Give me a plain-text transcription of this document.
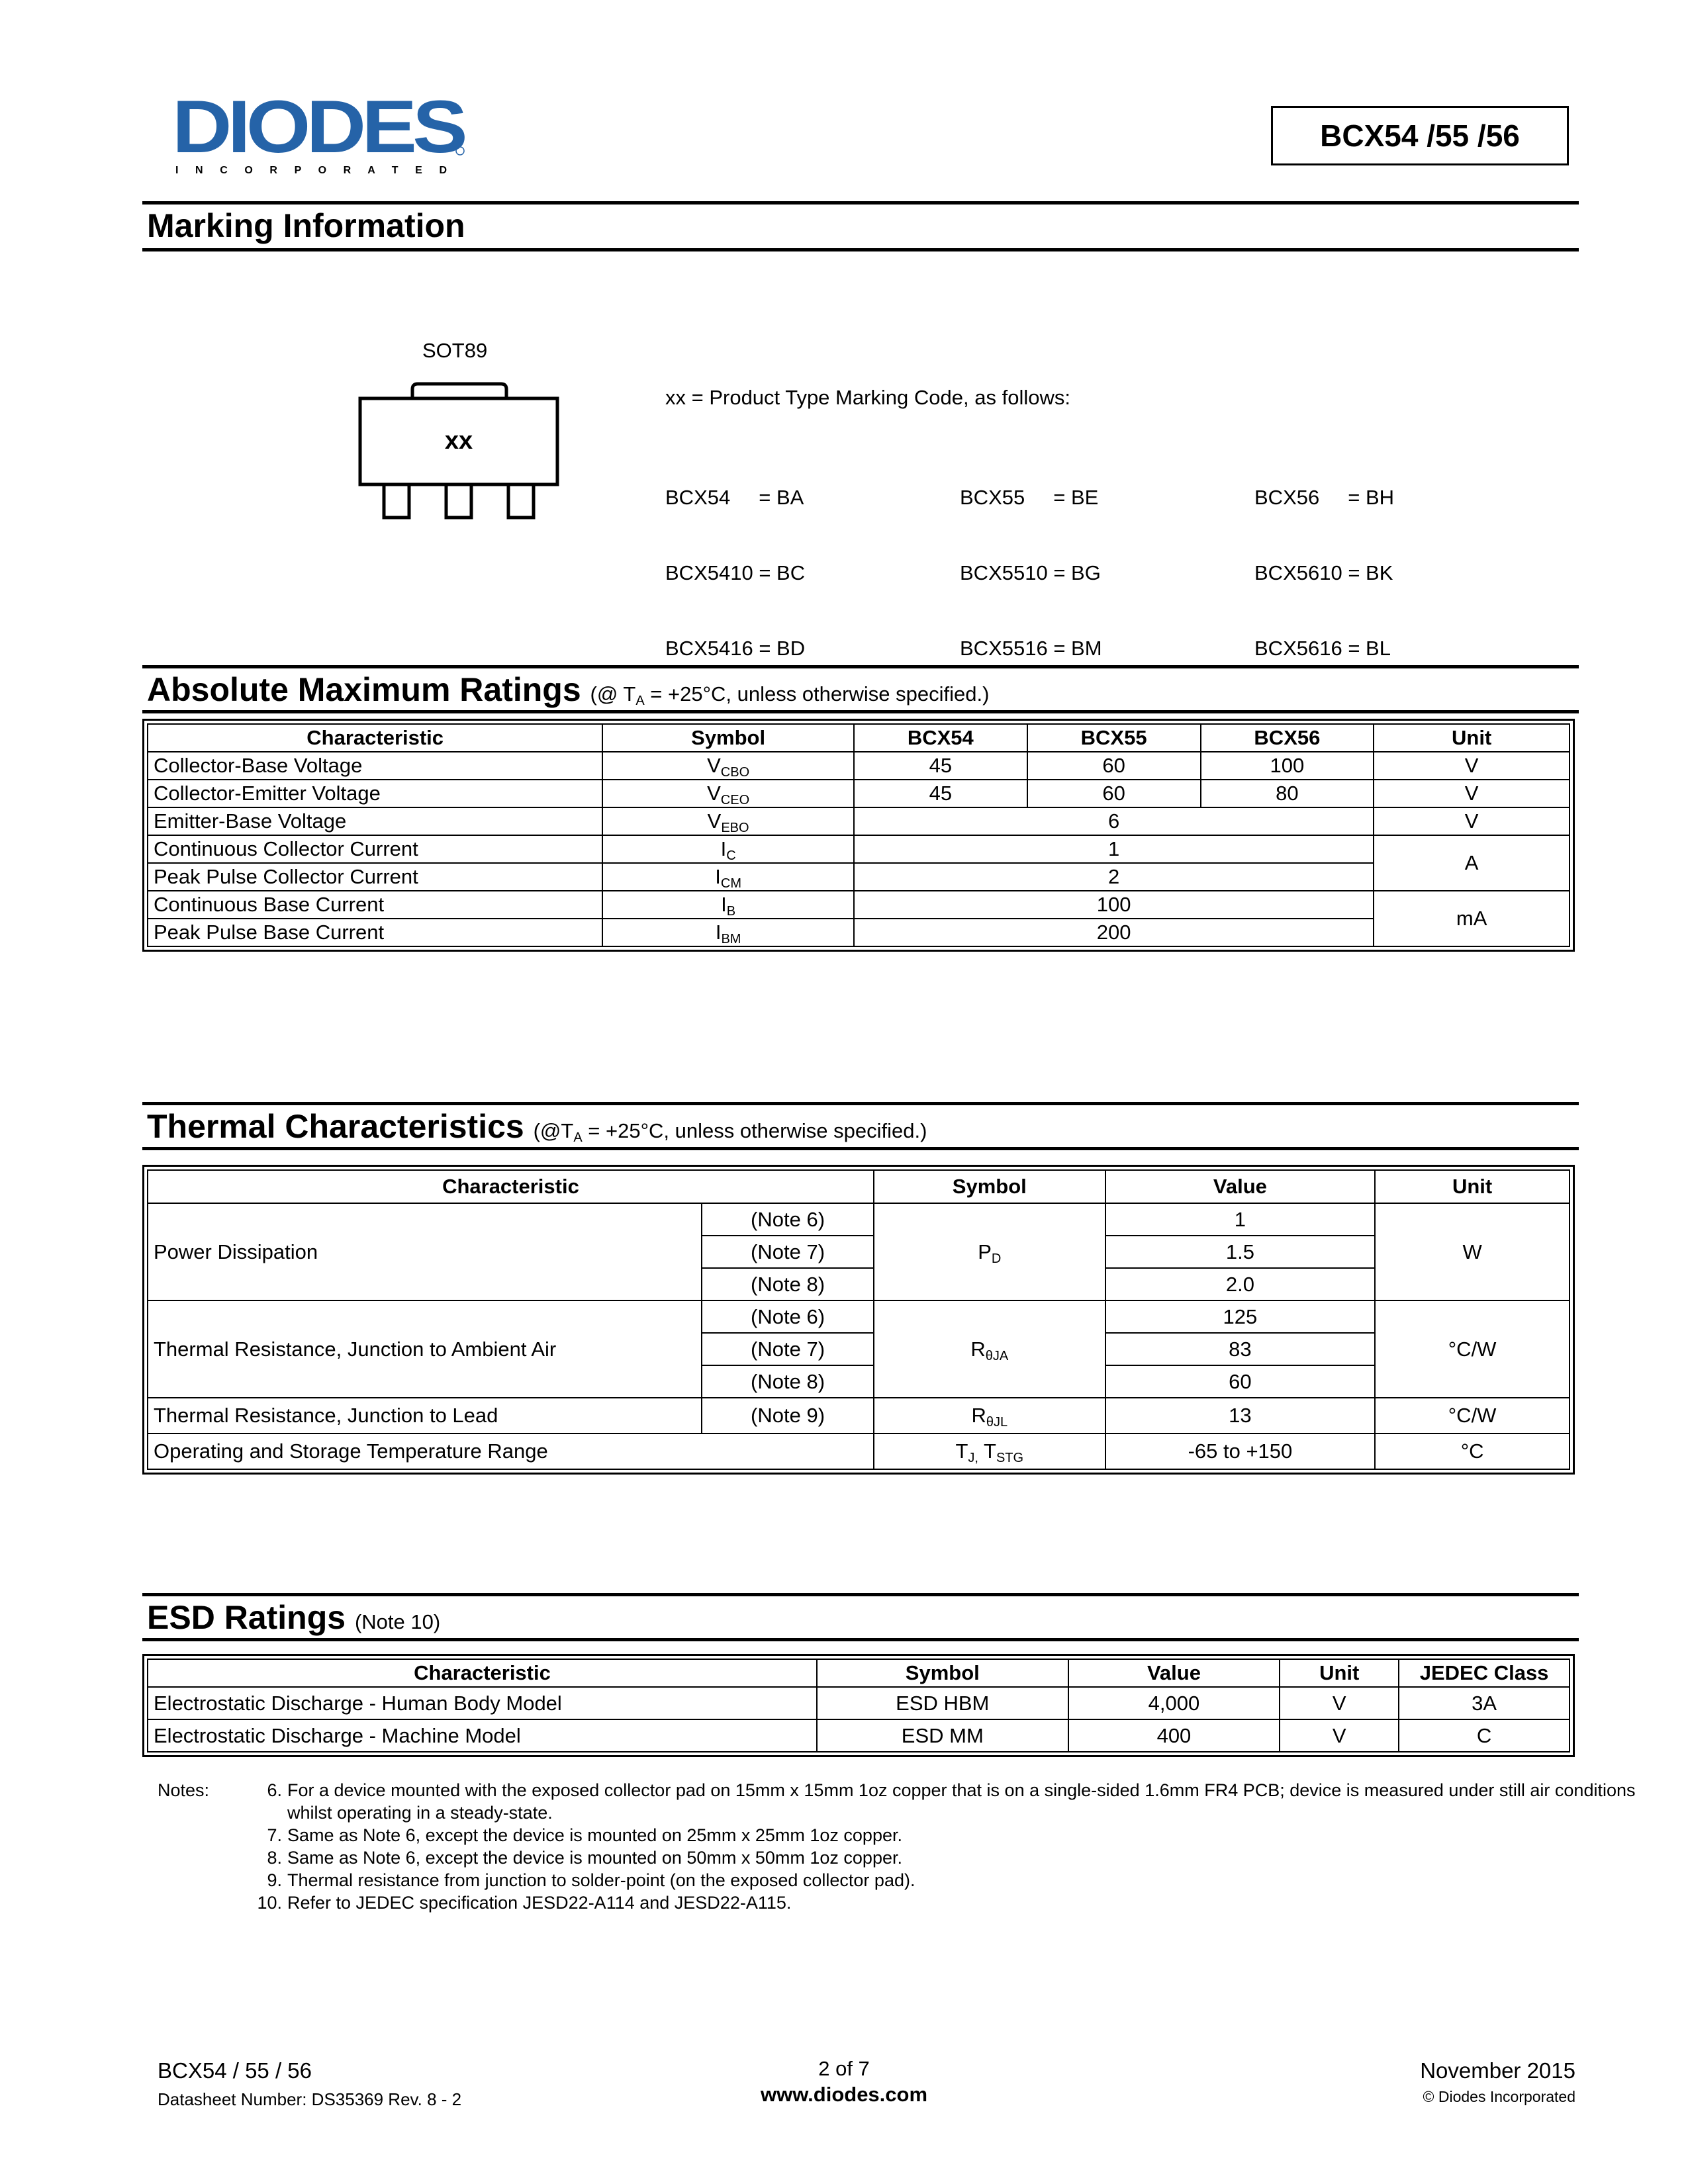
DIODES
I N C O R P O R A T E D
BCX54 /55 /56
Marking Information
SOT89
xx
xx = Product Type Marking Code, as follows:

BCX54     = BA

BCX5410 = BC

BCX5416 = BD

BCX55     = BE

BCX5510 = BG

BCX5516 = BM

BCX56     = BH

BCX5610 = BK

BCX5616 = BL

Absolute Maximum Ratings (@ $T_A = +25^\circ C$, unless otherwise specified.)
Characteristic	Symbol	BCX54	BCX55	BCX56	Unit
Collector-Base Voltage	$V_{CBO}$	45	60	100	V
Collector-Emitter Voltage	$V_{CEO}$	45	60	80	V
Emitter-Base Voltage	$V_{EBO}$	6			V
Continuous Collector Current	$I_C$	1			A
Peak Pulse Collector Current	$I_{CM}$	2			
Continuous Base Current	$I_B$	100			mA
Peak Pulse Base Current	$I_{BM}$	200			
Thermal Characteristics ($@T_A = +25^\circ C$, unless otherwise specified.)
Characteristic		Symbol	Value	Unit
Power Dissipation	(Note 6)	$P_D$	1	W
	(Note 7)		1.5	
	(Note 8)		2.0	
Thermal Resistance, Junction to Ambient Air	(Note 6)	$R_{\theta JA}$	125	°C/W
	(Note 7)		83	
	(Note 8)		60	
Thermal Resistance, Junction to Lead	(Note 9)	$R_{\theta JL}$	13	°C/W
Operating and Storage Temperature Range		$T_{J,}$ $T_{STG}$	-65 to +150	°C
ESD Ratings (Note 10)
Characteristic	Symbol	Value	Unit	JEDEC Class
Electrostatic Discharge - Human Body Model	ESD HBM	4,000	V	3A
Electrostatic Discharge - Machine Model	ESD MM	400	V	C
Notes:	6. For a device mounted with the exposed collector pad on 15mm x 15mm 1oz copper that is on a single-sided 1.6mm FR4 PCB; device is measured under still air conditions whilst operating in a steady-state.
7. Same as Note 6, except the device is mounted on 25mm x 25mm 1oz copper.
8. Same as Note 6, except the device is mounted on 50mm x 50mm 1oz copper.
9. Thermal resistance from junction to solder-point (on the exposed collector pad).
10. Refer to JEDEC specification JESD22-A114 and JESD22-A115.
BCX54 / 55 / 56
Datasheet Number: DS35369 Rev. 8 - 2
2 of 7
www.diodes.com
November 2015
© Diodes Incorporated
